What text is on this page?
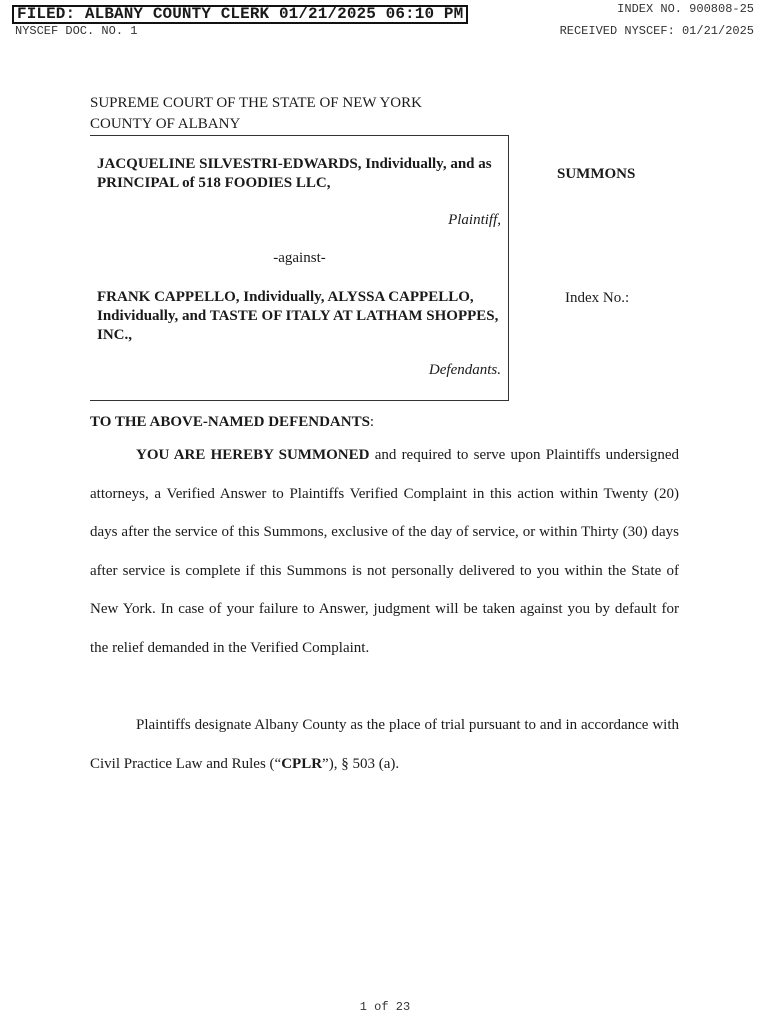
FILED: ALBANY COUNTY CLERK 01/21/2025 06:10 PM
NYSCEF DOC. NO. 1
INDEX NO. 900808-25
RECEIVED NYSCEF: 01/21/2025
SUPREME COURT OF THE STATE OF NEW YORK
COUNTY OF ALBANY
JACQUELINE SILVESTRI-EDWARDS, Individually, and as PRINCIPAL of 518 FOODIES LLC,
Plaintiff,
-against-
FRANK CAPPELLO, Individually, ALYSSA CAPPELLO, Individually, and TASTE OF ITALY AT LATHAM SHOPPES, INC.,
Defendants.
SUMMONS
Index No.:
TO THE ABOVE-NAMED DEFENDANTS:
YOU ARE HEREBY SUMMONED and required to serve upon Plaintiffs undersigned attorneys, a Verified Answer to Plaintiffs Verified Complaint in this action within Twenty (20) days after the service of this Summons, exclusive of the day of service, or within Thirty (30) days after service is complete if this Summons is not personally delivered to you within the State of New York. In case of your failure to Answer, judgment will be taken against you by default for the relief demanded in the Verified Complaint.
Plaintiffs designate Albany County as the place of trial pursuant to and in accordance with Civil Practice Law and Rules (“CPLR”), § 503 (a).
1 of 23
